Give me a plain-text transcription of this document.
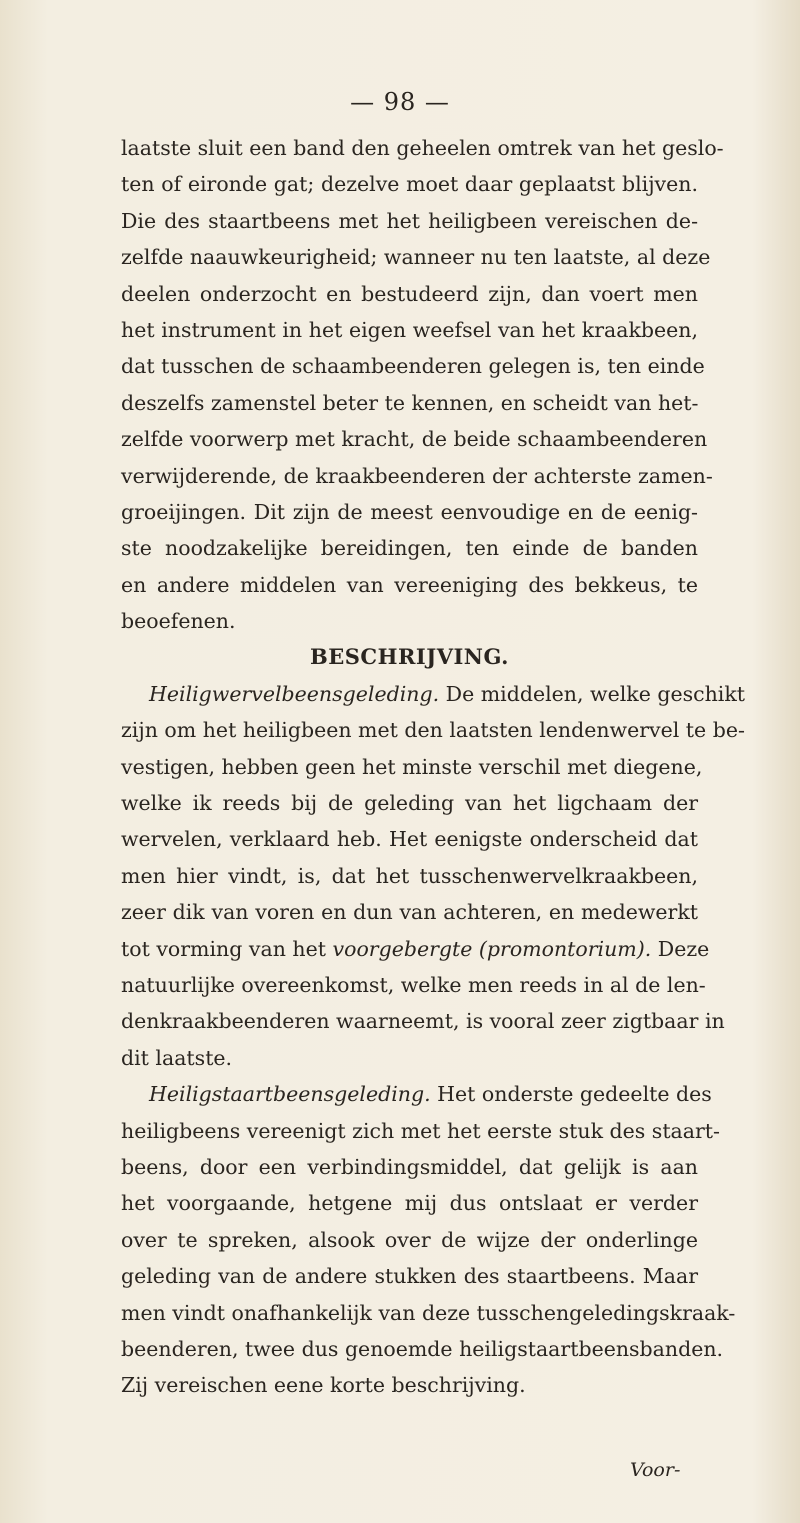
— 98 —
laatste sluit een band den geheelen omtrek van het geslo-
ten of eironde gat; dezelve moet daar geplaatst blijven.
Die des staartbeens met het heiligbeen vereischen de-
zelfde naauwkeurigheid; wanneer nu ten laatste, al deze
deelen onderzocht en bestudeerd zijn, dan voert men
het instrument in het eigen weefsel van het kraakbeen,
dat tusschen de schaambeenderen gelegen is, ten einde
deszelfs zamenstel beter te kennen, en scheidt van het-
zelfde voorwerp met kracht, de beide schaambeenderen
verwijderende, de kraakbeenderen der achterste zamen-
groeijingen. Dit zijn de meest eenvoudige en de eenig-
ste noodzakelijke bereidingen, ten einde de banden
en andere middelen van vereeniging des bekkeus, te
beoefenen.
BESCHRIJVING.
Heiligwervelbeensgeleding. De middelen, welke geschikt
zijn om het heiligbeen met den laatsten lendenwervel te be-
vestigen, hebben geen het minste verschil met diegene,
welke ik reeds bij de geleding van het ligchaam der
wervelen, verklaard heb. Het eenigste onderscheid dat
men hier vindt, is, dat het tusschenwervelkraakbeen,
zeer dik van voren en dun van achteren, en medewerkt
tot vorming van het voorgebergte (promontorium). Deze
natuurlijke overeenkomst, welke men reeds in al de len-
denkraakbeenderen waarneemt, is vooral zeer zigtbaar in
dit laatste.
Heiligstaartbeensgeleding. Het onderste gedeelte des
heiligbeens vereenigt zich met het eerste stuk des staart-
beens, door een verbindingsmiddel, dat gelijk is aan
het voorgaande, hetgene mij dus ontslaat er verder
over te spreken, alsook over de wijze der onderlinge
geleding van de andere stukken des staartbeens. Maar
men vindt onafhankelijk van deze tusschengeledingskraak-
beenderen, twee dus genoemde heiligstaartbeensbanden.
Zij vereischen eene korte beschrijving.
Voor-
